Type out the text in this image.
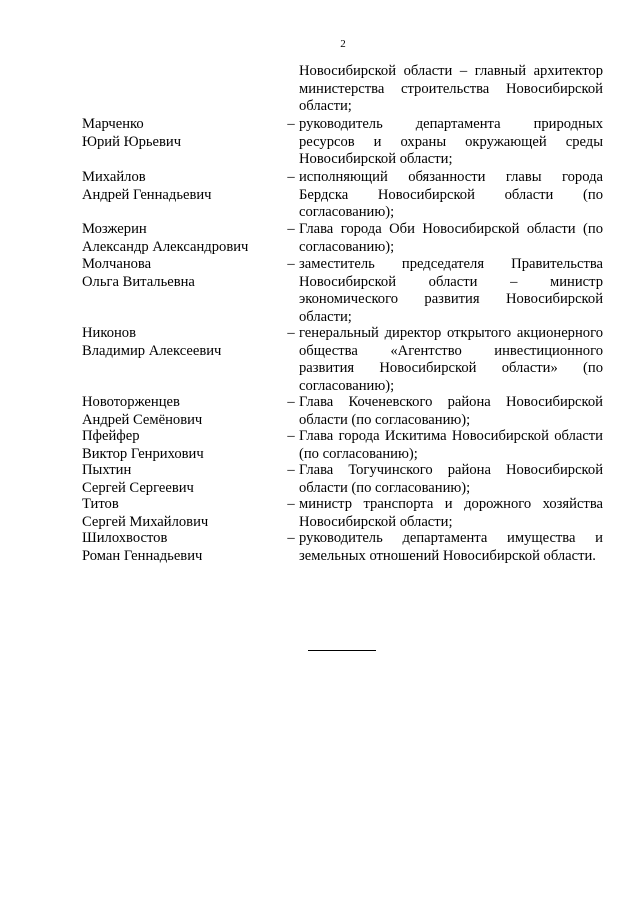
2
Новосибирской области – главный архитектор министерства строительства Новосибирской области;
Марченко
Юрий Юрьевич
– руководитель департамента природных ресурсов и охраны окружающей среды Новосибирской области;
Михайлов
Андрей Геннадьевич
– исполняющий обязанности главы города Бердска Новосибирской области (по согласованию);
Мозжерин
Александр Александрович
– Глава города Оби Новосибирской области (по согласованию);
Молчанова
Ольга Витальевна
– заместитель председателя Правительства Новосибирской области – министр экономического развития Новосибирской области;
Никонов
Владимир Алексеевич
– генеральный директор открытого акционерного общества «Агентство инвестиционного развития Новосибирской области» (по согласованию);
Новоторженцев
Андрей Семёнович
– Глава Коченевского района Новосибирской области (по согласованию);
Пфейфер
Виктор Генрихович
– Глава города Искитима Новосибирской области (по согласованию);
Пыхтин
Сергей Сергеевич
– Глава Тогучинского района Новосибирской области (по согласованию);
Титов
Сергей Михайлович
– министр транспорта и дорожного хозяйства Новосибирской области;
Шилохвостов
Роман Геннадьевич
– руководитель департамента имущества и земельных отношений Новосибирской области.
